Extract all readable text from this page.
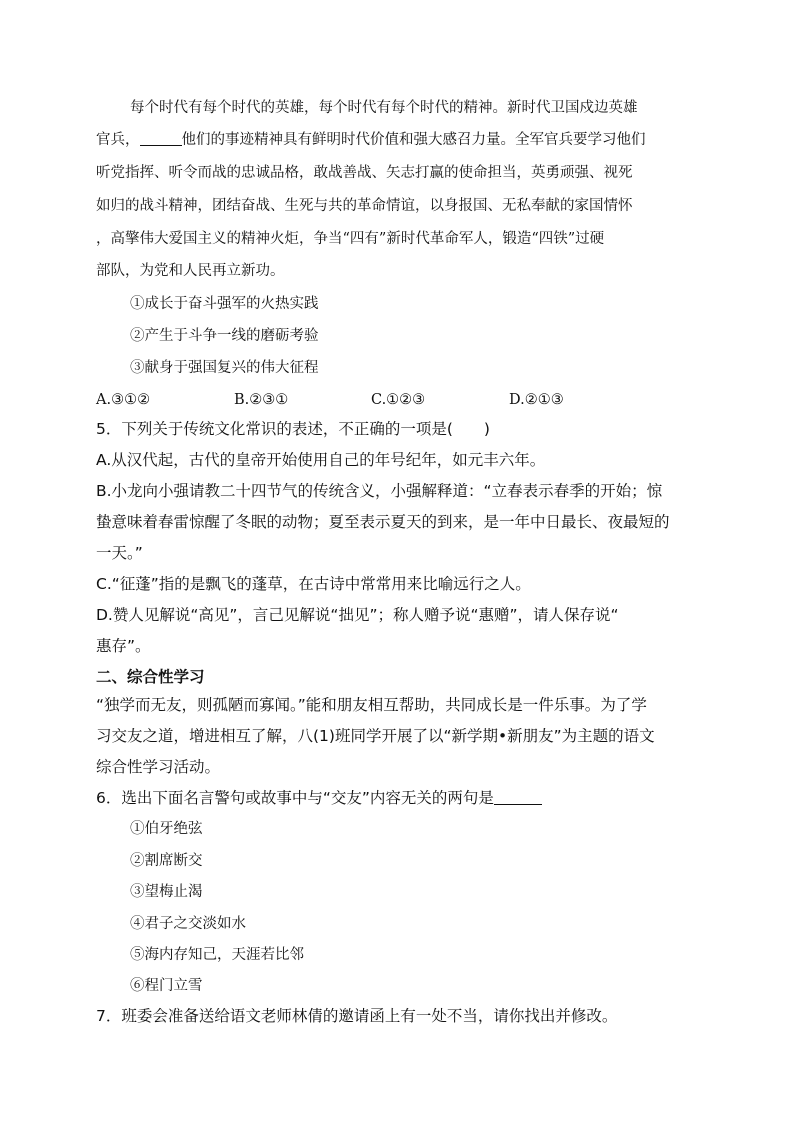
每个时代有每个时代的英雄，每个时代有每个时代的精神。新时代卫国戍边英雄
官兵，	他们的事迹精神具有鲜明时代价值和强大感召力量。全军官兵要学习他们
听党指挥、听令而战的忠诚品格，敢战善战、矢志打赢的使命担当，英勇顽强、视死
如归的战斗精神，团结奋战、生死与共的革命情谊，以身报国、无私奉献的家国情怀
，高擎伟大爱国主义的精神火炬，争当“四有”新时代革命军人，锻造“四铁”过硬
部队，为党和人民再立新功。
①成长于奋斗强军的火热实践
②产生于斗争一线的磨砺考验
③献身于强国复兴的伟大征程
A.③①②	B.②③①	C.①②③	D.②①③
5．下列关于传统文化常识的表述，不正确的一项是(　　)
A.从汉代起，古代的皇帝开始使用自己的年号纪年，如元丰六年。
B.小龙向小强请教二十四节气的传统含义，小强解释道：“立春表示春季的开始；惊
蛰意味着春雷惊醒了冬眠的动物；夏至表示夏天的到来，是一年中日最长、夜最短的
一天。”
C.“征蓬”指的是飘飞的蓬草，在古诗中常常用来比喻远行之人。
D.赞人见解说“高见”，言己见解说“拙见”；称人赠予说“惠赠”，请人保存说“
惠存”。
二、综合性学习
“独学而无友，则孤陋而寡闻。”能和朋友相互帮助，共同成长是一件乐事。为了学
习交友之道，增进相互了解，八(1)班同学开展了以“新学期•新朋友”为主题的语文
综合性学习活动。
6．选出下面名言警句或故事中与“交友”内容无关的两句是
①伯牙绝弦
②割席断交
③望梅止渴
④君子之交淡如水
⑤海内存知己，天涯若比邻
⑥程门立雪
7．班委会准备送给语文老师林倩的邀请函上有一处不当，请你找出并修改。
